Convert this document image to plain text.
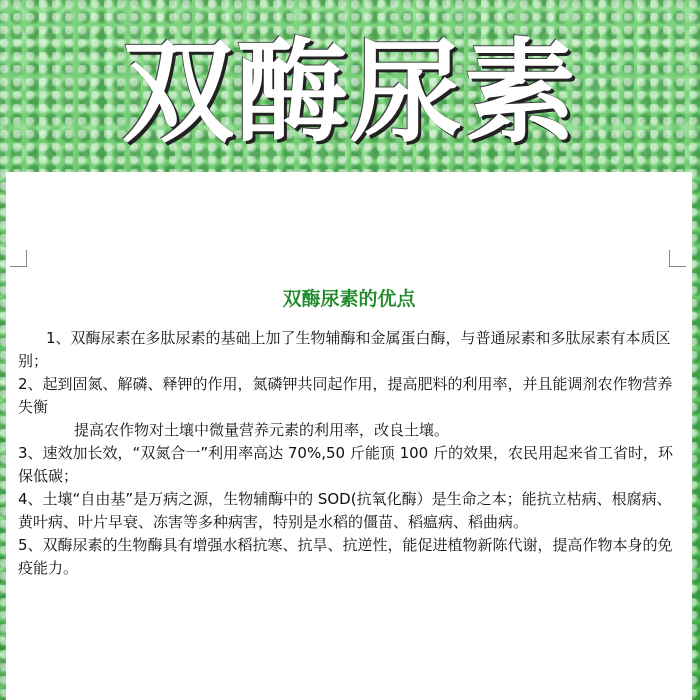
双酶尿素
双酶尿素的优点

1、双酶尿素在多肽尿素的基础上加了生物辅酶和金属蛋白酶，与普通尿素和多肽尿素有本质区别；

2、起到固氮、解磷、释钾的作用，氮磷钾共同起作用，提高肥料的利用率，并且能调剂农作物营养失衡

提高农作物对土壤中微量营养元素的利用率，改良土壤。

3、速效加长效，“双氮合一”利用率高达 70%,50 斤能顶 100 斤的效果，农民用起来省工省时，环保低碳；

4、土壤“自由基”是万病之源，生物辅酶中的 SOD(抗氧化酶）是生命之本；能抗立枯病、根腐病、黄叶病、叶片早衰、冻害等多种病害，特别是水稻的僵苗、稻瘟病、稻曲病。

5、双酶尿素的生物酶具有增强水稻抗寒、抗旱、抗逆性，能促进植物新陈代谢，提高作物本身的免疫能力。
